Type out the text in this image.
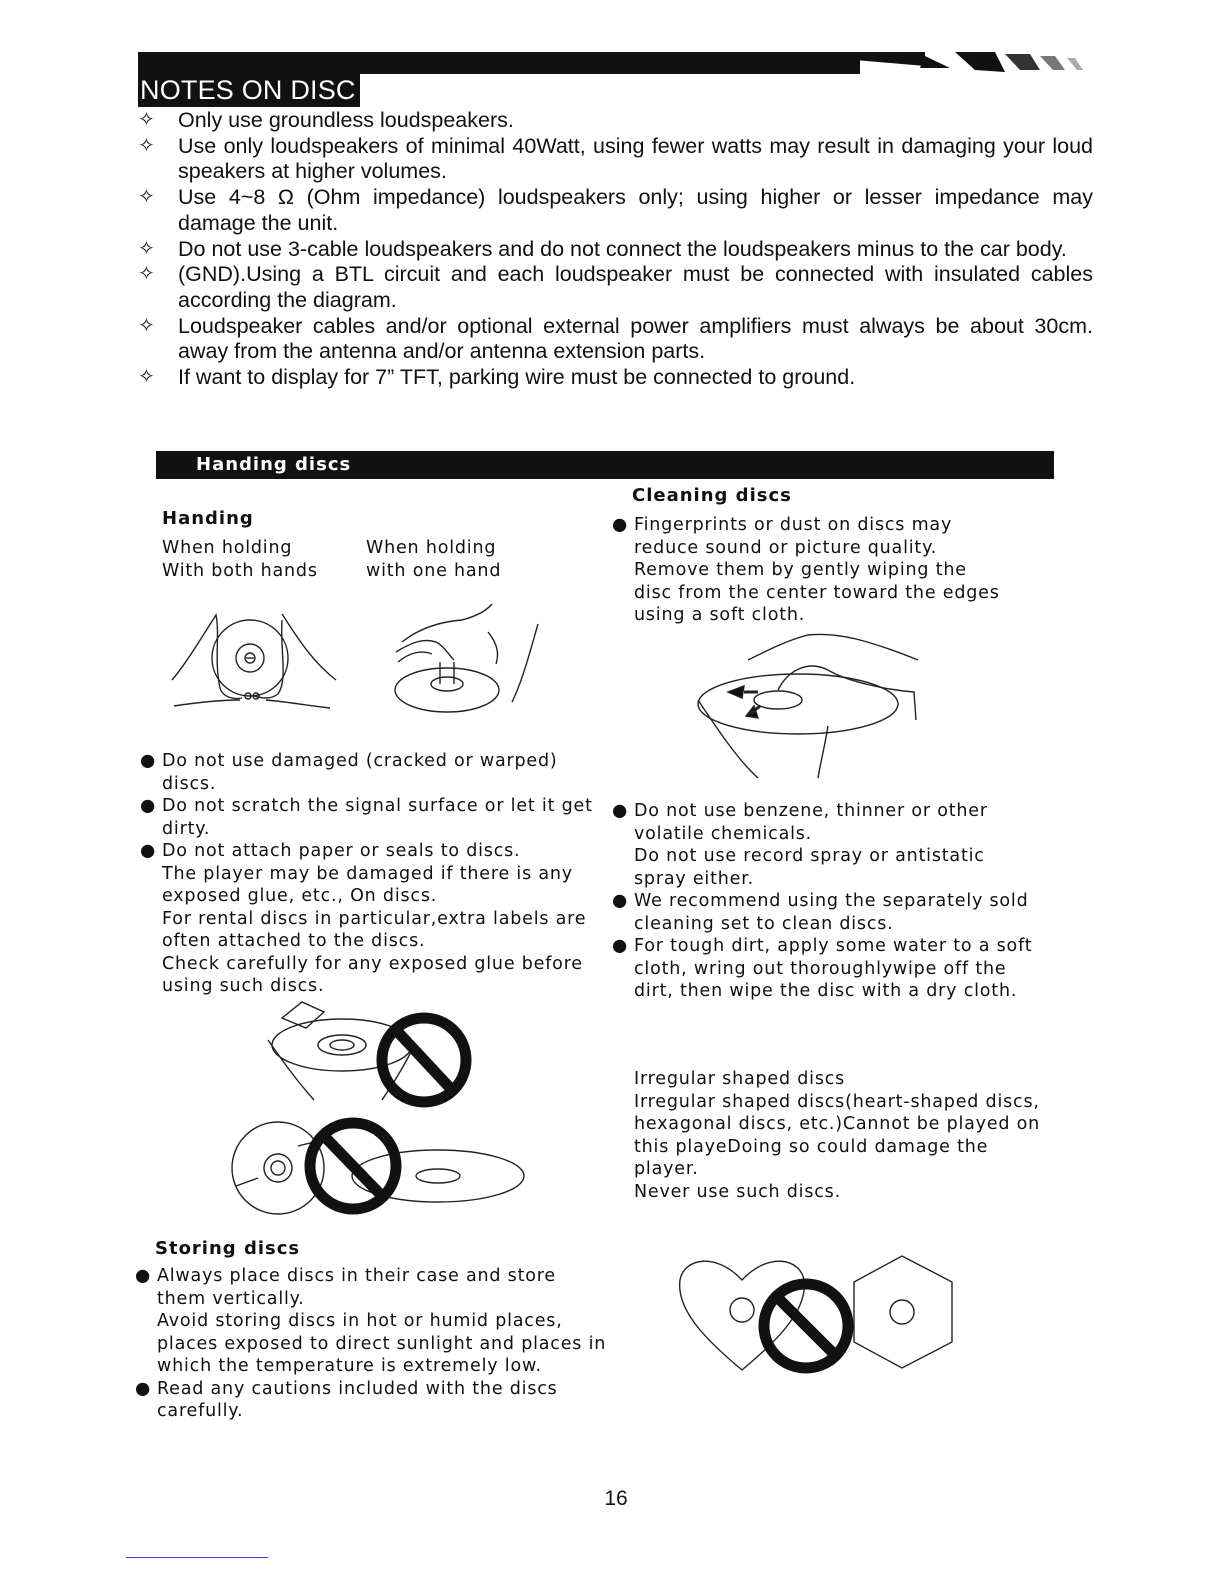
NOTES ON DISC
✧ Only use groundless loudspeakers.
✧ Use only loudspeakers of minimal 40Watt, using fewer watts may result in damaging your loud speakers at higher volumes.
✧ Use 4~8 Ω (Ohm impedance) loudspeakers only; using higher or lesser impedance may damage the unit.
✧ Do not use 3-cable loudspeakers and do not connect the loudspeakers minus to the car body.
✧ (GND).Using a BTL circuit and each loudspeaker must be connected with insulated cables according the diagram.
✧ Loudspeaker cables and/or optional external power amplifiers must always be about 30cm. away from the antenna and/or antenna extension parts.
✧ If want to display for 7” TFT, parking wire must be connected to ground.
Handing discs
Handing
When holding
With both hands
When holding
with one hand
● Do not use damaged (cracked or warped) discs.
● Do not scratch the signal surface or let it get dirty.
● Do not attach paper or seals to discs.
The player may be damaged if there is any exposed glue, etc., On discs.
For rental discs in particular,extra labels are often attached to the discs.
Check carefully for any exposed glue before using such discs.
Storing discs
● Always place discs in their case and store them vertically.
Avoid storing discs in hot or humid places, places exposed to direct sunlight and places in which the temperature is extremely low.
● Read any cautions included with the discs carefully.
Cleaning discs
● Fingerprints or dust on discs may reduce sound or picture quality. Remove them by gently wiping the disc from the center toward the edges using a soft cloth.
● Do not use benzene, thinner or other volatile chemicals.
Do not use record spray or antistatic spray either.
● We recommend using the separately sold cleaning set to clean discs.
● For tough dirt, apply some water to a soft cloth, wring out thoroughlywipe off the dirt, then wipe the disc with a dry cloth.
Irregular shaped discs
Irregular shaped discs(heart-shaped discs, hexagonal discs, etc.)Cannot be played on this playeDoing so could damage the player.
Never use such discs.
16
